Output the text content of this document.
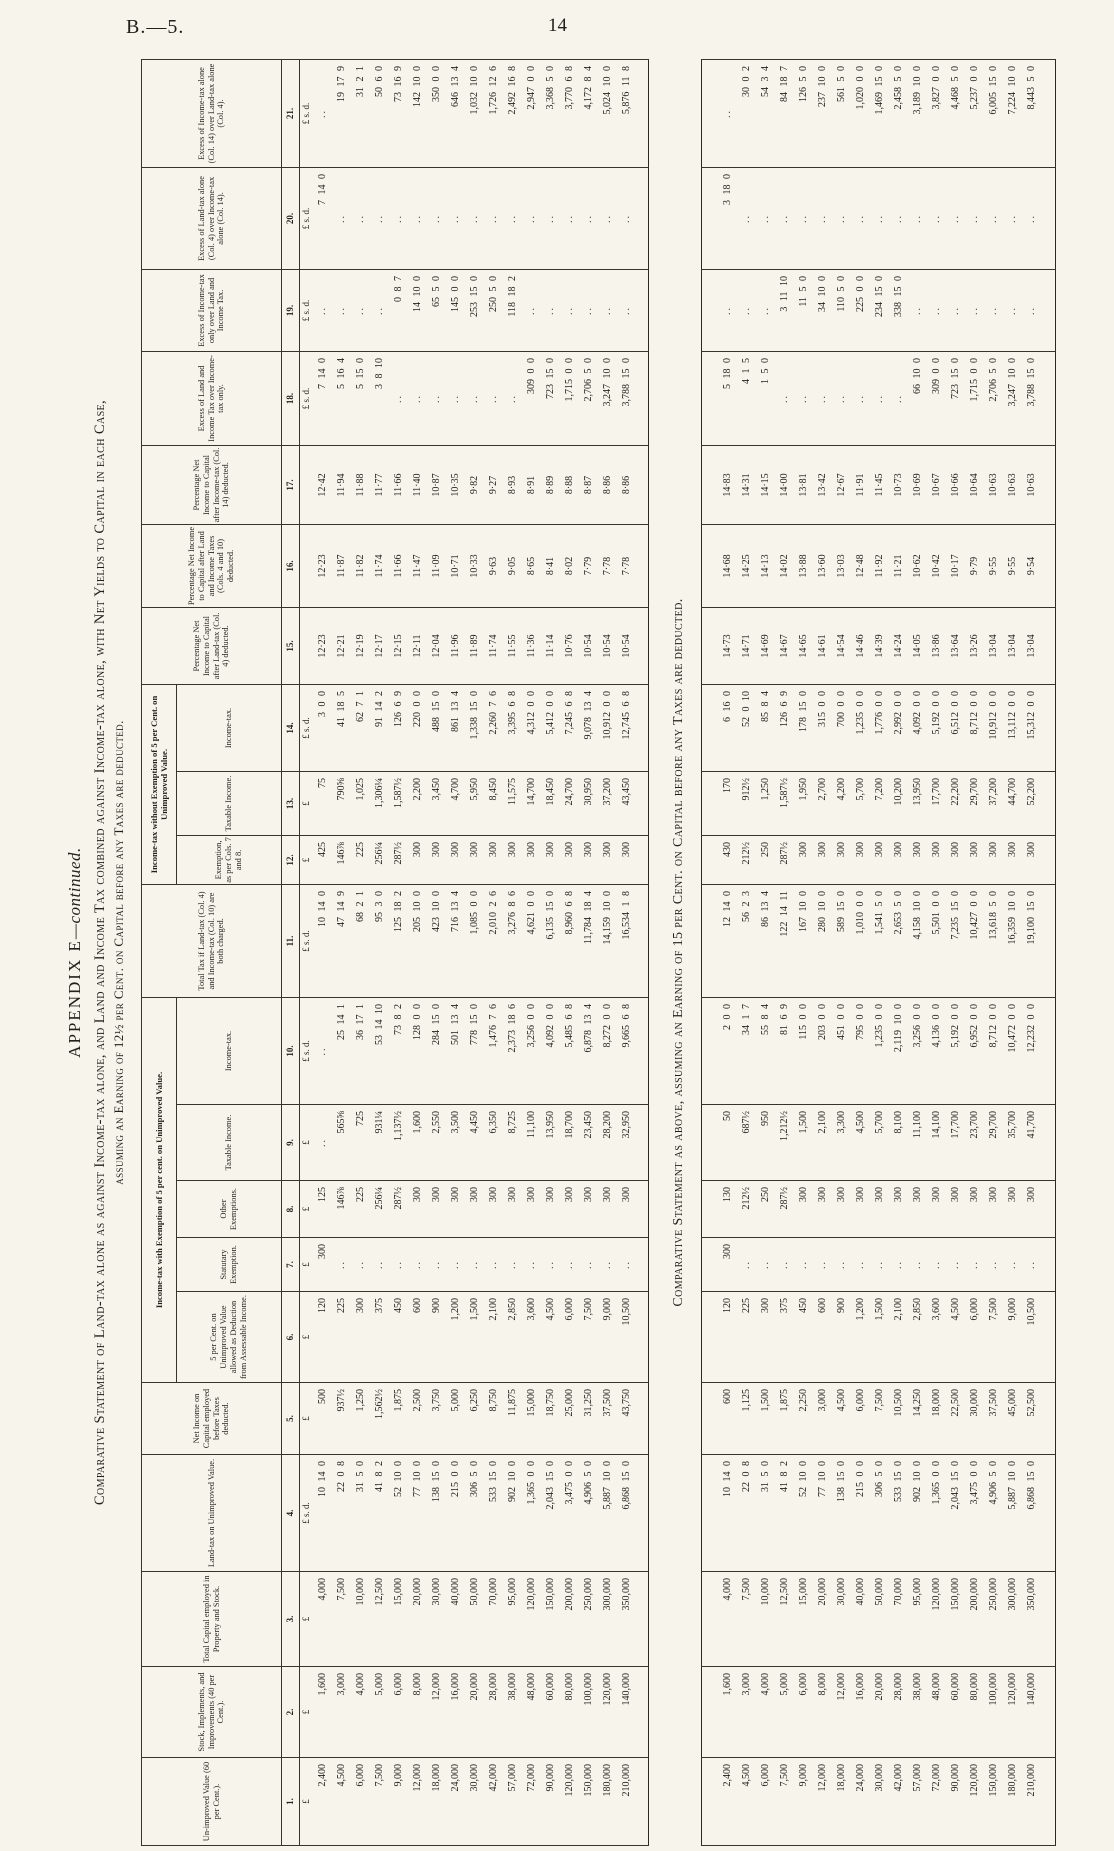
B.—5.	14
APPENDIX E—continued. Comparative Statement of Land-tax alone as against Income-tax alone, and Land and Income Tax combined against Income-tax alone, with Net Yields to Capital in each Case, assuming an Earning of 12½ per Cent. on Capital before any Taxes are deducted.
Un-improved Value (60 per Cent.).	Stock, Implements, and Improvements (40 per Cent.).	Total Capital employed in Property and Stock.	Land-tax on Unimproved Value.	Net Income on Capital employed before Taxes deducted.	Income-tax with Exemption of 5 per cent. on Unimproved Value.					Total Tax if Land-tax (Col. 4) and Income-tax (Col. 10) are both charged.	Income-tax without Exemption of 5 per Cent. on Unimproved Value.			Percentage Net Income to Capital after Land-tax (Col. 4) deducted.	Percentage Net Income to Capital after Land and Income Taxes (Cols. 4 and 10) deducted.	Percentage Net Income to Capital after Income-tax (Col. 14) deducted.	Excess of Land and Income Tax over Income-tax only.	Excess of Income-tax only over Land and Income Tax.	Excess of Land-tax alone (Col. 4) over Income-tax alone (Col. 14).	Excess of Income-tax alone (Col. 14) over Land-tax alone (Col. 4).
					5 per Cent. on Unimproved Value allowed as Deduction from Assessable Income.	Statutary Exemption.	Other Exemptions.	Taxable Income.	Income-tax.		Exemption, as per Cols. 7 and 8.	Taxable Income.	Income-tax.							
1.	2.	3.	4.	5.	6.	7.	8.	9.	10.	11.	12.	13.	14.	15.	16.	17.	18.	19.	20.	21.
£	£	£	£ s. d.	£	£	£	£	£	£ s. d.	£ s. d.	£	£	£ s. d.				£ s. d.	£ s. d.	£ s. d.	£ s. d.
2,400	1,600	4,000	10 14 0	500	120	300	125	..	..	10 14 0	425	75	3 0 0	12·23	12·23	12·42	7 14 0	..	7 14 0	..
4,500	3,000	7,500	22 0 8	937½	225	..	146⅞	565⅝	25 14 1	47 14 9	146⅞	790⅝	41 18 5	12·21	11·87	11·94	5 16 4	..	..	19 17 9
6,000	4,000	10,000	31 5 0	1,250	300	..	225	725	36 17 1	68 2 1	225	1,025	62 7 1	12·19	11·82	11·88	5 15 0	..	..	31 2 1
7,500	5,000	12,500	41 8 2	1,562½	375	..	256¼	931¼	53 14 10	95 3 0	256¼	1,306¼	91 14 2	12·17	11·74	11·77	3 8 10	..	..	50 6 0
9,000	6,000	15,000	52 10 0	1,875	450	..	287½	1,137½	73 8 2	125 18 2	287½	1,587½	126 6 9	12·15	11·66	11·66	..	0 8 7	..	73 16 9
12,000	8,000	20,000	77 10 0	2,500	600	..	300	1,600	128 0 0	205 10 0	300	2,200	220 0 0	12·11	11·47	11·40	..	14 10 0	..	142 10 0
18,000	12,000	30,000	138 15 0	3,750	900	..	300	2,550	284 15 0	423 10 0	300	3,450	488 15 0	12·04	11·09	10·87	..	65 5 0	..	350 0 0
24,000	16,000	40,000	215 0 0	5,000	1,200	..	300	3,500	501 13 4	716 13 4	300	4,700	861 13 4	11·96	10·71	10·35	..	145 0 0	..	646 13 4
30,000	20,000	50,000	306 5 0	6,250	1,500	..	300	4,450	778 15 0	1,085 0 0	300	5,950	1,338 15 0	11·89	10·33	9·82	..	253 15 0	..	1,032 10 0
42,000	28,000	70,000	533 15 0	8,750	2,100	..	300	6,350	1,476 7 6	2,010 2 6	300	8,450	2,260 7 6	11·74	9·63	9·27	..	250 5 0	..	1,726 12 6
57,000	38,000	95,000	902 10 0	11,875	2,850	..	300	8,725	2,373 18 6	3,276 8 6	300	11,575	3,395 6 8	11·55	9·05	8·93	..	118 18 2	..	2,492 16 8
72,000	48,000	120,000	1,365 0 0	15,000	3,600	..	300	11,100	3,256 0 0	4,621 0 0	300	14,700	4,312 0 0	11·36	8·65	8·91	309 0 0	..	..	2,947 0 0
90,000	60,000	150,000	2,043 15 0	18,750	4,500	..	300	13,950	4,092 0 0	6,135 15 0	300	18,450	5,412 0 0	11·14	8·41	8·89	723 15 0	..	..	3,368 5 0
120,000	80,000	200,000	3,475 0 0	25,000	6,000	..	300	18,700	5,485 6 8	8,960 6 8	300	24,700	7,245 6 8	10·76	8·02	8·88	1,715 0 0	..	..	3,770 6 8
150,000	100,000	250,000	4,906 5 0	31,250	7,500	..	300	23,450	6,878 13 4	11,784 18 4	300	30,950	9,078 13 4	10·54	7·79	8·87	2,706 5 0	..	..	4,172 8 4
180,000	120,000	300,000	5,887 10 0	37,500	9,000	..	300	28,200	8,272 0 0	14,159 10 0	300	37,200	10,912 0 0	10·54	7·78	8·86	3,247 10 0	..	..	5,024 10 0
210,000	140,000	350,000	6,868 15 0	43,750	10,500	..	300	32,950	9,665 6 8	16,534 1 8	300	43,450	12,745 6 8	10·54	7·78	8·86	3,788 15 0	..	..	5,876 11 8
Comparative Statement as above, assuming an Earning of 15 per Cent. on Capital before any Taxes are deducted.
2,400	1,600	4,000	10 14 0	600	120	300	130	50	2 0 0	12 14 0	430	170	6 16 0	14·73	14·68	14·83	5 18 0	..	3 18 0	..
4,500	3,000	7,500	22 0 8	1,125	225	..	212½	687½	34 1 7	56 2 3	212½	912½	52 0 10	14·71	14·25	14·31	4 1 5	..	..	30 0 2
6,000	4,000	10,000	31 5 0	1,500	300	..	250	950	55 8 4	86 13 4	250	1,250	85 8 4	14·69	14·13	14·15	1 5 0	..	..	54 3 4
7,500	5,000	12,500	41 8 2	1,875	375	..	287½	1,212½	81 6 9	122 14 11	287½	1,587½	126 6 9	14·67	14·02	14·00	..	3 11 10	..	84 18 7
9,000	6,000	15,000	52 10 0	2,250	450	..	300	1,500	115 0 0	167 10 0	300	1,950	178 15 0	14·65	13·88	13·81	..	11 5 0	..	126 5 0
12,000	8,000	20,000	77 10 0	3,000	600	..	300	2,100	203 0 0	280 10 0	300	2,700	315 0 0	14·61	13·60	13·42	..	34 10 0	..	237 10 0
18,000	12,000	30,000	138 15 0	4,500	900	..	300	3,300	451 0 0	589 15 0	300	4,200	700 0 0	14·54	13·03	12·67	..	110 5 0	..	561 5 0
24,000	16,000	40,000	215 0 0	6,000	1,200	..	300	4,500	795 0 0	1,010 0 0	300	5,700	1,235 0 0	14·46	12·48	11·91	..	225 0 0	..	1,020 0 0
30,000	20,000	50,000	306 5 0	7,500	1,500	..	300	5,700	1,235 0 0	1,541 5 0	300	7,200	1,776 0 0	14·39	11·92	11·45	..	234 15 0	..	1,469 15 0
42,000	28,000	70,000	533 15 0	10,500	2,100	..	300	8,100	2,119 10 0	2,653 5 0	300	10,200	2,992 0 0	14·24	11·21	10·73	..	338 15 0	..	2,458 5 0
57,000	38,000	95,000	902 10 0	14,250	2,850	..	300	11,100	3,256 0 0	4,158 10 0	300	13,950	4,092 0 0	14·05	10·62	10·69	66 10 0	..	..	3,189 10 0
72,000	48,000	120,000	1,365 0 0	18,000	3,600	..	300	14,100	4,136 0 0	5,501 0 0	300	17,700	5,192 0 0	13·86	10·42	10·67	309 0 0	..	..	3,827 0 0
90,000	60,000	150,000	2,043 15 0	22,500	4,500	..	300	17,700	5,192 0 0	7,235 15 0	300	22,200	6,512 0 0	13·64	10·17	10·66	723 15 0	..	..	4,468 5 0
120,000	80,000	200,000	3,475 0 0	30,000	6,000	..	300	23,700	6,952 0 0	10,427 0 0	300	29,700	8,712 0 0	13·26	9·79	10·64	1,715 0 0	..	..	5,237 0 0
150,000	100,000	250,000	4,906 5 0	37,500	7,500	..	300	29,700	8,712 0 0	13,618 5 0	300	37,200	10,912 0 0	13·04	9·55	10·63	2,706 5 0	..	..	6,005 15 0
180,000	120,000	300,000	5,887 10 0	45,000	9,000	..	300	35,700	10,472 0 0	16,359 10 0	300	44,700	13,112 0 0	13·04	9·55	10·63	3,247 10 0	..	..	7,224 10 0
210,000	140,000	350,000	6,868 15 0	52,500	10,500	..	300	41,700	12,232 0 0	19,100 15 0	300	52,200	15,312 0 0	13·04	9·54	10·63	3,788 15 0	..	..	8,443 5 0
